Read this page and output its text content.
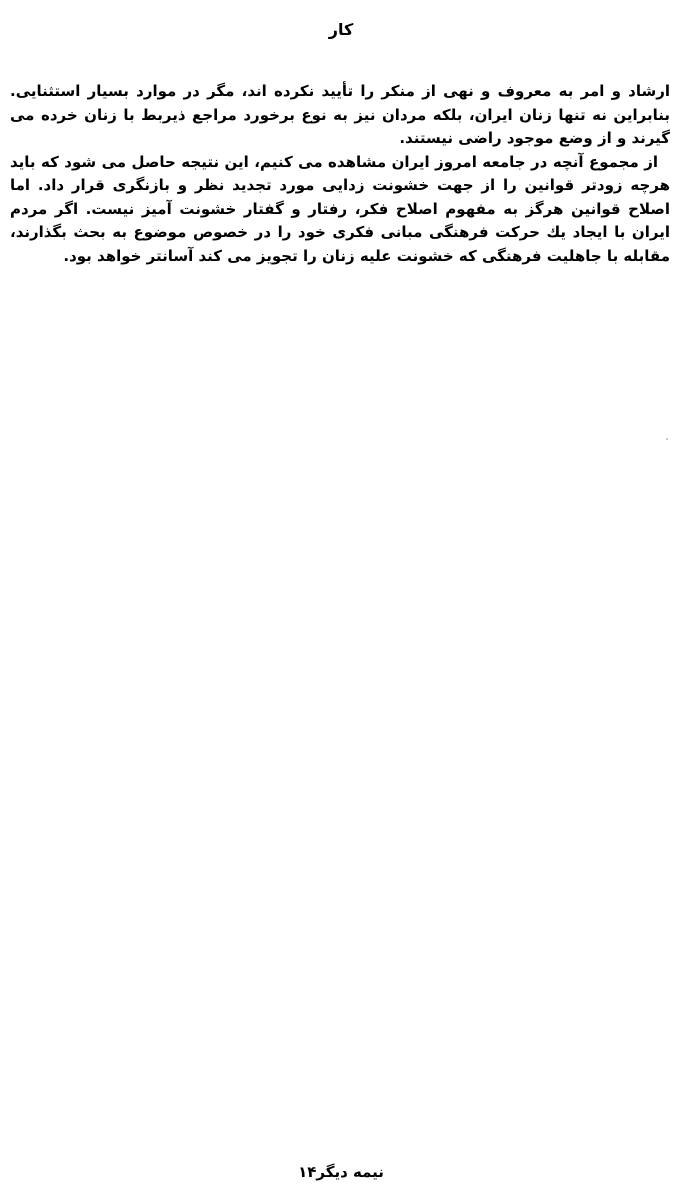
کار

ارشاد و امر به معروف و نهی از منکر را تأیید نکرده اند، مگر در موارد بسیار استثنایی. بنابراین نه تنها زنان ایران، بلکه مردان نیز به نوع برخورد مراجع ذیربط با زنان خرده می گیرند و از وضع موجود راضی نیستند.

از مجموع آنچه در جامعه امروز ایران مشاهده می کنیم، این نتیجه حاصل می شود که باید هرچه زودتر قوانین را از جهت خشونت زدایی مورد تجدید نظر و بازنگری قرار داد. اما اصلاح قوانین هرگز به مفهوم اصلاح فکر، رفتار و گفتار خشونت آمیز نیست. اگر مردم ایران با ایجاد یك حرکت فرهنگی مبانی فکری خود را در خصوص موضوع به بحث بگذارند، مقابله با جاهلیت فرهنگی که خشونت علیه زنان را تجویز می کند آسانتر خواهد بود.

نیمه دیگر۱۴
